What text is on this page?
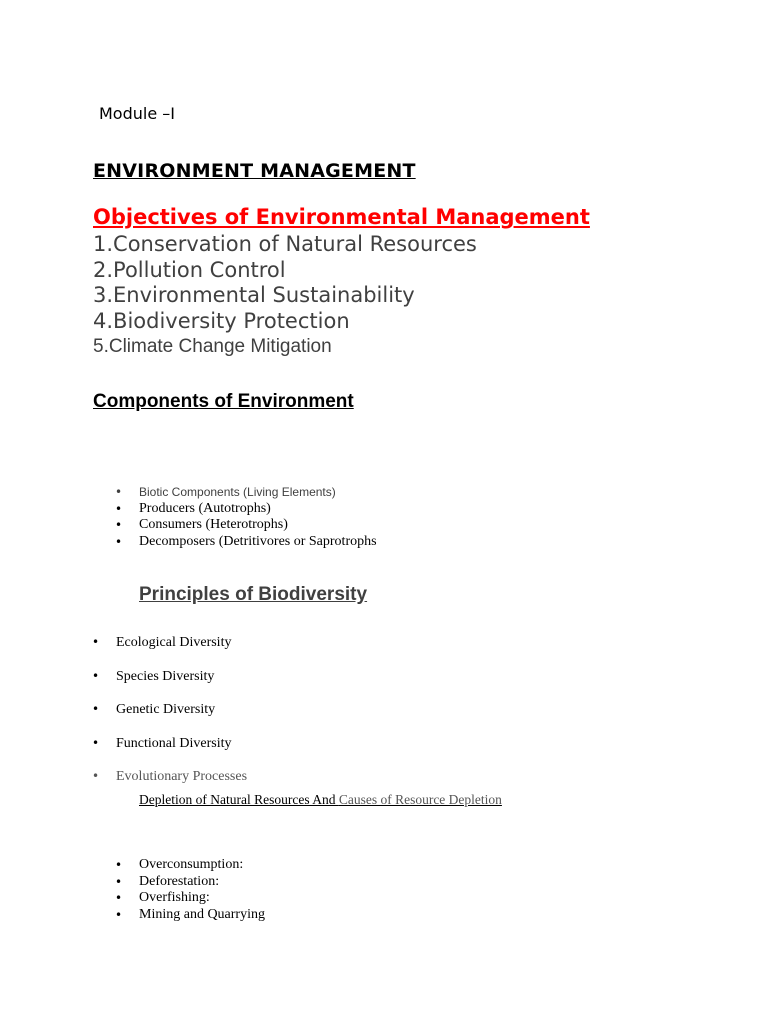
Module –I
ENVIRONMENT MANAGEMENT
Objectives of Environmental Management
1.Conservation of Natural Resources
2.Pollution Control
3.Environmental Sustainability
4.Biodiversity Protection
5.Climate Change Mitigation
Components of Environment
• Biotic Components (Living Elements)
• Producers (Autotrophs)
• Consumers (Heterotrophs)
• Decomposers (Detritivores or Saprotrophs
Principles of Biodiversity
• Ecological Diversity
• Species Diversity
• Genetic Diversity
• Functional Diversity
• Evolutionary Processes
Depletion of Natural Resources And Causes of Resource Depletion
• Overconsumption:
• Deforestation:
• Overfishing:
• Mining and Quarrying
